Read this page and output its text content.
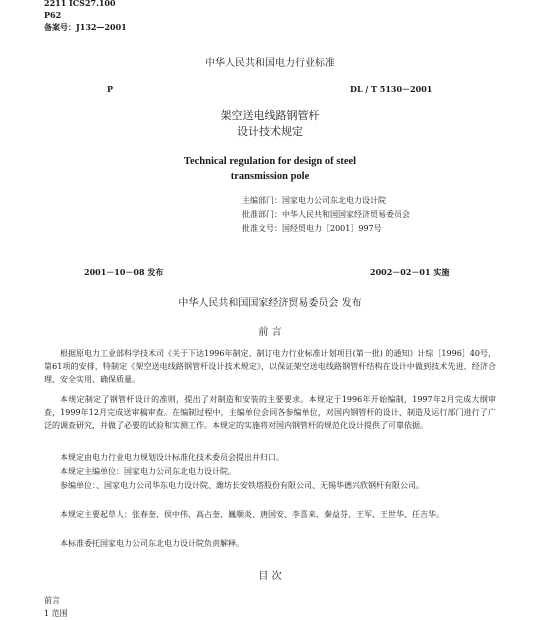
2211 ICS27.100
P62
备案号：J132—2001
中华人民共和国电力行业标准
P	DL / T 5130－2001
架空送电线路钢管杆
设计技术规定
Technical regulation for design of steel
transmission pole
主编部门：国家电力公司东北电力设计院
批准部门：中华人民共和国国家经济贸易委员会
批准文号：国经贸电力［2001］997号
2001－10－08 发布	2002－02－01 实施
中华人民共和国国家经济贸易委员会 发布
前 言
根据原电力工业部科学技术司《关于下达1996年制定、制订电力行业标准计划项目(第一批) 的通知》计综［1996］40号，第61项的安排，特制定《架空送电线路钢管杆设计技术规定》，以保证架空送电线路钢管杆结构在设计中做到技术先进、经济合理、安全实用、确保质量。
本规定制定了钢管杆设计的准则，提出了对制造和安装的主要要求。本规定于1996年开始编制，1997年2月完成大纲审查，1999年12月完成送审稿审查。在编制过程中，主编单位会同各参编单位，对国内钢管杆的设计、制造及运行部门进行了广泛的调查研究，并做了必要的试验和实测工作。本规定的实施将对国内钢管杆的规范化设计提供了可靠依据。
本规定由电力行业电力规划设计标准化技术委员会提出并归口。
本规定主编单位：国家电力公司东北电力设计院。
参编单位：、国家电力公司华东电力设计院、潍坊长安铁塔股份有限公司、无锡华德兴欣钢杆有限公司。
本规定主要起草人：张春奎、侯中伟、高占奎、巍顺炎、唐国安、李喜来、秦益芬、王军、王世华、任吉华。
本标准委托国家电力公司东北电力设计院负责解释。
目 次
前言
1 范围
